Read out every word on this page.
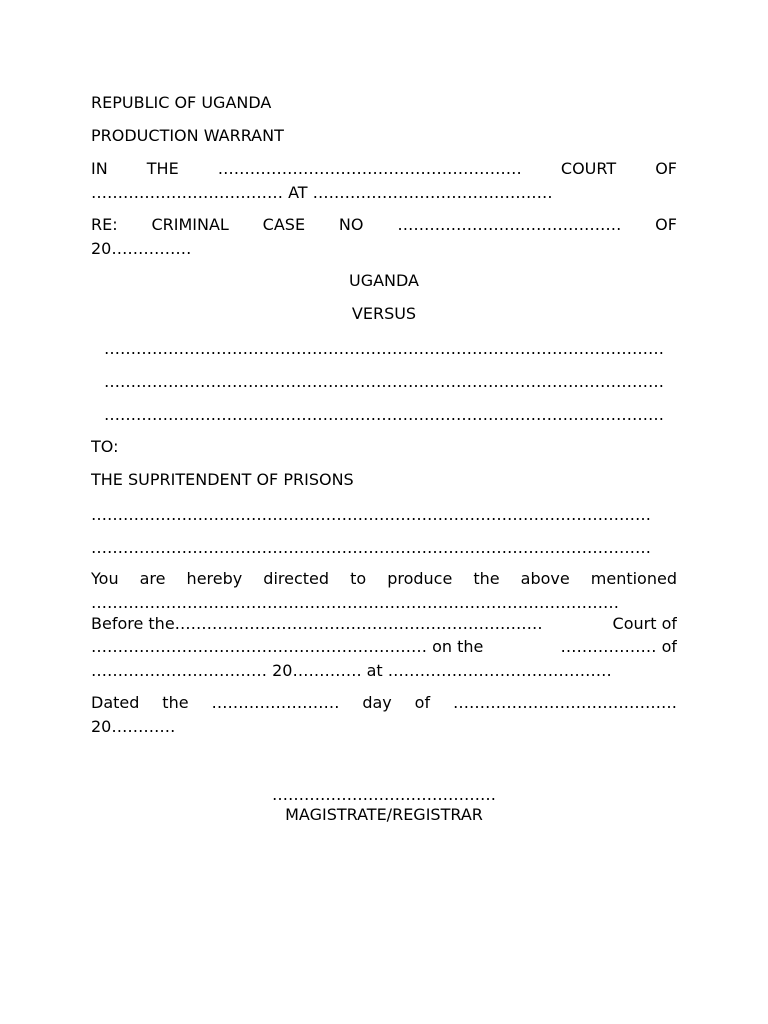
REPUBLIC OF UGANDA

PRODUCTION WARRANT

IN THE ………………………………………………… COURT OF

……………………………… AT ………………………………………

RE: CRIMINAL CASE NO …………………………………… OF

20……………

UGANDA

VERSUS

……………………………………………………………………………………………

……………………………………………………………………………………………

……………………………………………………………………………………………

TO:

THE SUPRITENDENT OF PRISONS

……………………………………………………………………………………………

……………………………………………………………………………………………

You are hereby directed to produce the above mentioned

………………………………………………………………………………………

Before the……………………………………………………………	Court of

……………………………………………………… on the	……………… of

…………………………… 20…………. at ……………………………………

Dated the …………………… day of ……………………………………

20…………

……………………………………

MAGISTRATE/REGISTRAR
